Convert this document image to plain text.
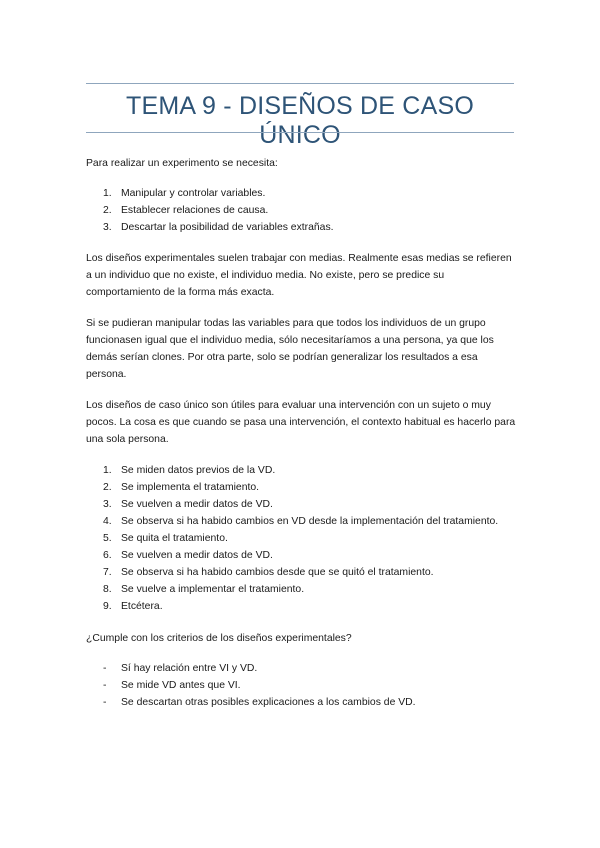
TEMA 9 - DISEÑOS DE CASO ÚNICO

Para realizar un experimento se necesita:

1. Manipular y controlar variables.
2. Establecer relaciones de causa.
3. Descartar la posibilidad de variables extrañas.

Los diseños experimentales suelen trabajar con medias. Realmente esas medias se refieren a un individuo que no existe, el individuo media. No existe, pero se predice su comportamiento de la forma más exacta.

Si se pudieran manipular todas las variables para que todos los individuos de un grupo funcionasen igual que el individuo media, sólo necesitaríamos a una persona, ya que los demás serían clones. Por otra parte, solo se podrían generalizar los resultados a esa persona.

Los diseños de caso único son útiles para evaluar una intervención con un sujeto o muy pocos. La cosa es que cuando se pasa una intervención, el contexto habitual es hacerlo para una sola persona.

1. Se miden datos previos de la VD.
2. Se implementa el tratamiento.
3. Se vuelven a medir datos de VD.
4. Se observa si ha habido cambios en VD desde la implementación del tratamiento.
5. Se quita el tratamiento.
6. Se vuelven a medir datos de VD.
7. Se observa si ha habido cambios desde que se quitó el tratamiento.
8. Se vuelve a implementar el tratamiento.
9. Etcétera.

¿Cumple con los criterios de los diseños experimentales?

-	Sí hay relación entre VI y VD.
-	Se mide VD antes que VI.
-	Se descartan otras posibles explicaciones a los cambios de VD.
